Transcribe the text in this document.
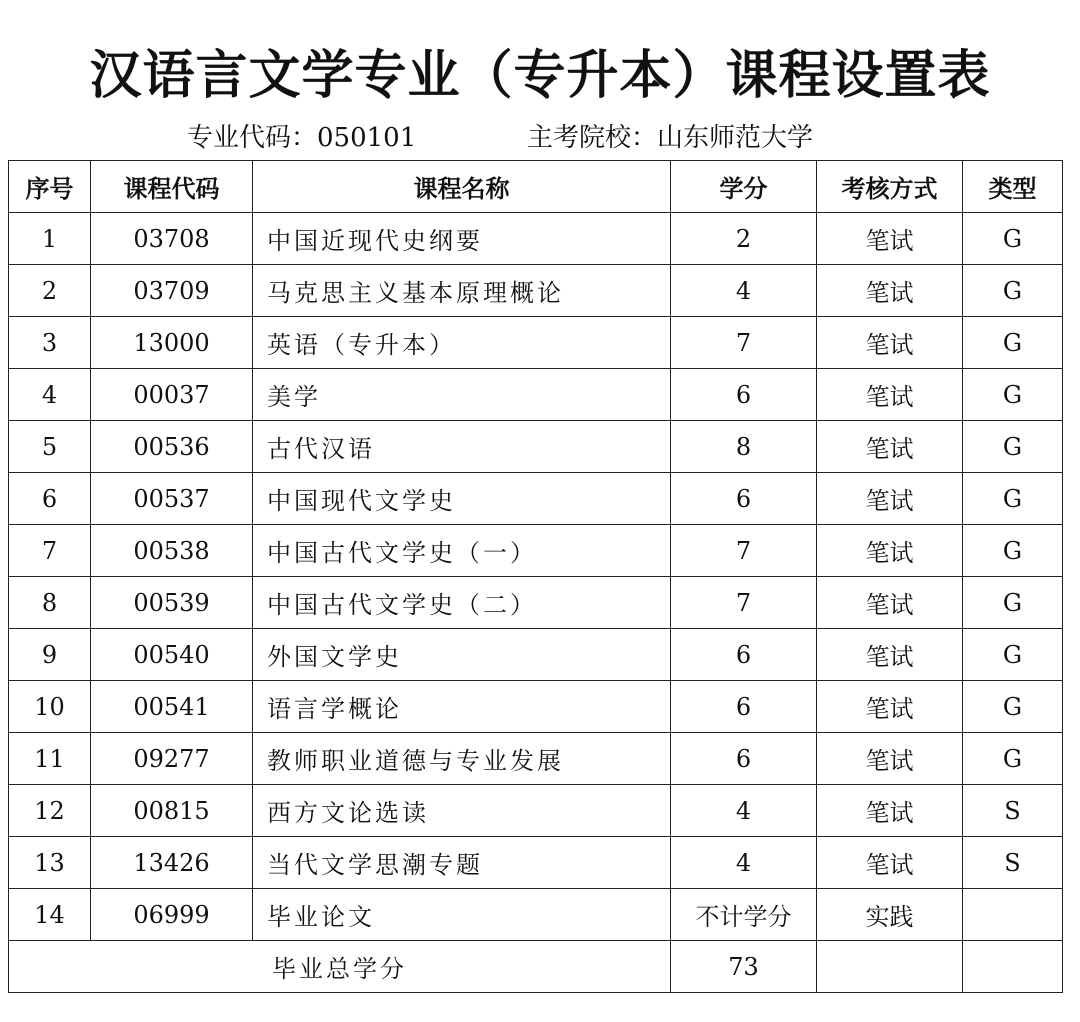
汉语言文学专业（专升本）课程设置表
专业代码：050101	主考院校：山东师范大学
序号	课程代码	课程名称	学分	考核方式	类型
1	03708	中国近现代史纲要	2	笔试	G
2	03709	马克思主义基本原理概论	4	笔试	G
3	13000	英语（专升本）	7	笔试	G
4	00037	美学	6	笔试	G
5	00536	古代汉语	8	笔试	G
6	00537	中国现代文学史	6	笔试	G
7	00538	中国古代文学史（一）	7	笔试	G
8	00539	中国古代文学史（二）	7	笔试	G
9	00540	外国文学史	6	笔试	G
10	00541	语言学概论	6	笔试	G
11	09277	教师职业道德与专业发展	6	笔试	G
12	00815	西方文论选读	4	笔试	S
13	13426	当代文学思潮专题	4	笔试	S
14	06999	毕业论文	不计学分	实践	
毕业总学分			73		
